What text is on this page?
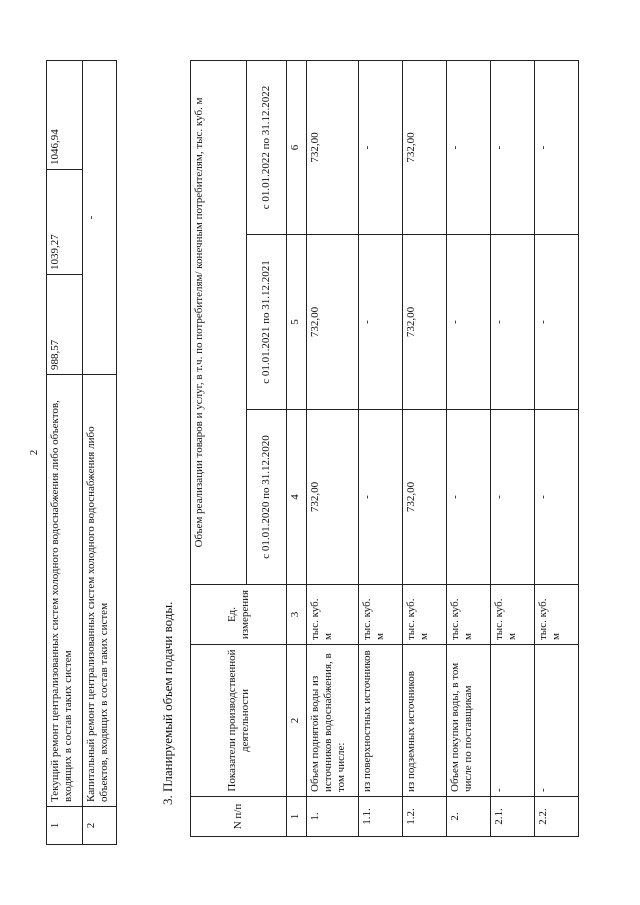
2
1	Текущий ремонт централизованных систем холодного водоснабжения либо объектов, входящих в состав таких систем	988,57	1039,27	1046,94
2	Капитальный ремонт централизованных систем холодного водоснабжения либо объектов, входящих в состав таких систем	-		
3. Планируемый объем подачи воды.
N п/п	Показатели производственной деятельности	Ед. измерения	Объем реализации товаров и услуг, в т.ч. по потребителям/ конечным потребителям, тыс. куб. м		
			с 01.01.2020 по 31.12.2020	с 01.01.2021 по 31.12.2021	с 01.01.2022 по 31.12.2022
1	2	3	4	5	6
1.	Объем поднятой воды из источников водоснабжения, в том числе:	тыс. куб. м	732,00	732,00	732,00
1.1.	из поверхностных источников	тыс. куб. м	-	-	-
1.2.	из подземных источников	тыс. куб. м	732,00	732,00	732,00
2.	Объем покупки воды, в том числе по поставщикам	тыс. куб. м	-	-	-
2.1.	-	тыс. куб. м	-	-	-
2.2.	-	тыс. куб. м	-	-	-
